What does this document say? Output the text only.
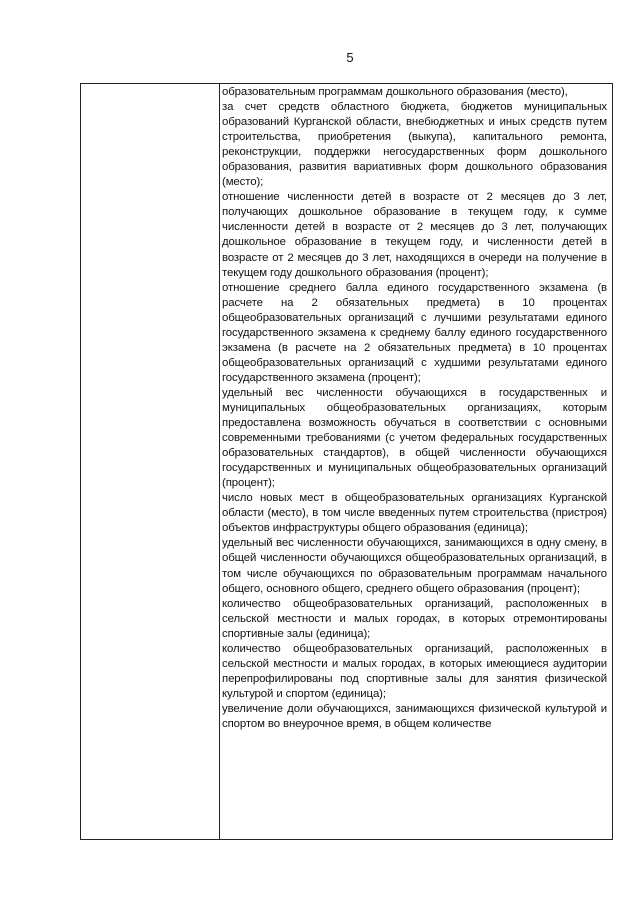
5

образовательным программам дошкольного образования (место),

за счет средств областного бюджета, бюджетов муниципальных образований Курганской области, внебюджетных и иных средств путем строительства, приобретения (выкупа), капитального ремонта, реконструкции, поддержки негосударственных форм дошкольного образования, развития вариативных форм дошкольного образования (место);

отношение численности детей в возрасте от 2 месяцев до 3 лет, получающих дошкольное образование в текущем году, к сумме численности детей в возрасте от 2 месяцев до 3 лет, получающих дошкольное образование в текущем году, и численности детей в возрасте от 2 месяцев до 3 лет, находящихся в очереди на получение в текущем году дошкольного образования (процент);

отношение среднего балла единого государственного экзамена (в расчете на 2 обязательных предмета) в 10 процентах общеобразовательных организаций с лучшими результатами единого государственного экзамена к среднему баллу единого государственного экзамена (в расчете на 2 обязательных предмета) в 10 процентах общеобразовательных организаций с худшими результатами единого государственного экзамена (процент);

удельный вес численности обучающихся в государственных и муниципальных общеобразовательных организациях, которым предоставлена возможность обучаться в соответствии с основными современными требованиями (с учетом федеральных государственных образовательных стандартов), в общей численности обучающихся государственных и муниципальных общеобразовательных организаций (процент);

число новых мест в общеобразовательных организациях Курганской области (место), в том числе введенных путем строительства (пристроя) объектов инфраструктуры общего образования (единица);

удельный вес численности обучающихся, занимающихся в одну смену, в общей численности обучающихся общеобразовательных организаций, в том числе обучающихся по образовательным программам начального общего, основного общего, среднего общего образования (процент);

количество общеобразовательных организаций, расположенных в сельской местности и малых городах, в которых отремонтированы спортивные залы (единица);

количество общеобразовательных организаций, расположенных в сельской местности и малых городах, в которых имеющиеся аудитории перепрофилированы под спортивные залы для занятия физической культурой и спортом (единица);

увеличение доли обучающихся, занимающихся физической культурой и спортом во внеурочное время, в общем количестве
